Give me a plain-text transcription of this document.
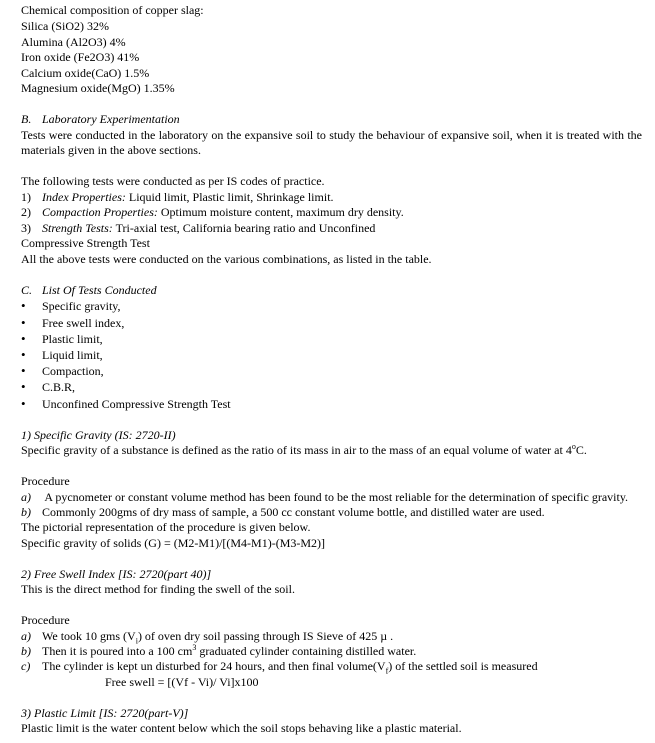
Chemical composition of copper slag:
Silica (SiO2) 32%
Alumina (Al2O3) 4%
Iron oxide (Fe2O3) 41%
Calcium oxide(CaO) 1.5%
Magnesium oxide(MgO) 1.35%
B. Laboratory Experimentation
Tests were conducted in the laboratory on the expansive soil to study the behaviour of expansive soil, when it is treated with the
materials given in the above sections.
The following tests were conducted as per IS codes of practice.
1) Index Properties: Liquid limit, Plastic limit, Shrinkage limit.
2) Compaction Properties: Optimum moisture content, maximum dry density.
3) Strength Tests: Tri-axial test, California bearing ratio and Unconfined
Compressive Strength Test
All the above tests were conducted on the various combinations, as listed in the table.
C. List Of Tests Conducted
•Specific gravity,
•Free swell index,
•Plastic limit,
•Liquid limit,
•Compaction,
•C.B.R,
•Unconfined Compressive Strength Test
1) Specific Gravity (IS: 2720-II)
Specific gravity of a substance is defined as the ratio of its mass in air to the mass of an equal volume of water at 4$^o$C.
Procedure
a) A pycnometer or constant volume method has been found to be the most reliable for the determination of specific gravity.
b) Commonly 200gms of dry mass of sample, a 500 cc constant volume bottle, and distilled water are used.
The pictorial representation of the procedure is given below.
Specific gravity of solids (G) = (M2-M1)/[(M4-M1)-(M3-M2)]
2) Free Swell Index [IS: 2720(part 40)]
This is the direct method for finding the swell of the soil.
Procedure
a) We took 10 gms $(V_i)$ of oven dry soil passing through IS Sieve of 425 µ .
b) Then it is poured into a 100 $cm^3$ graduated cylinder containing distilled water.
c) The cylinder is kept un disturbed for 24 hours, and then final $volume(V_f)$ of the settled soil is measured
Free swell = [(Vf - Vi)/ Vi]x100
3) Plastic Limit [IS: 2720(part-V)]
Plastic limit is the water content below which the soil stops behaving like a plastic material.
